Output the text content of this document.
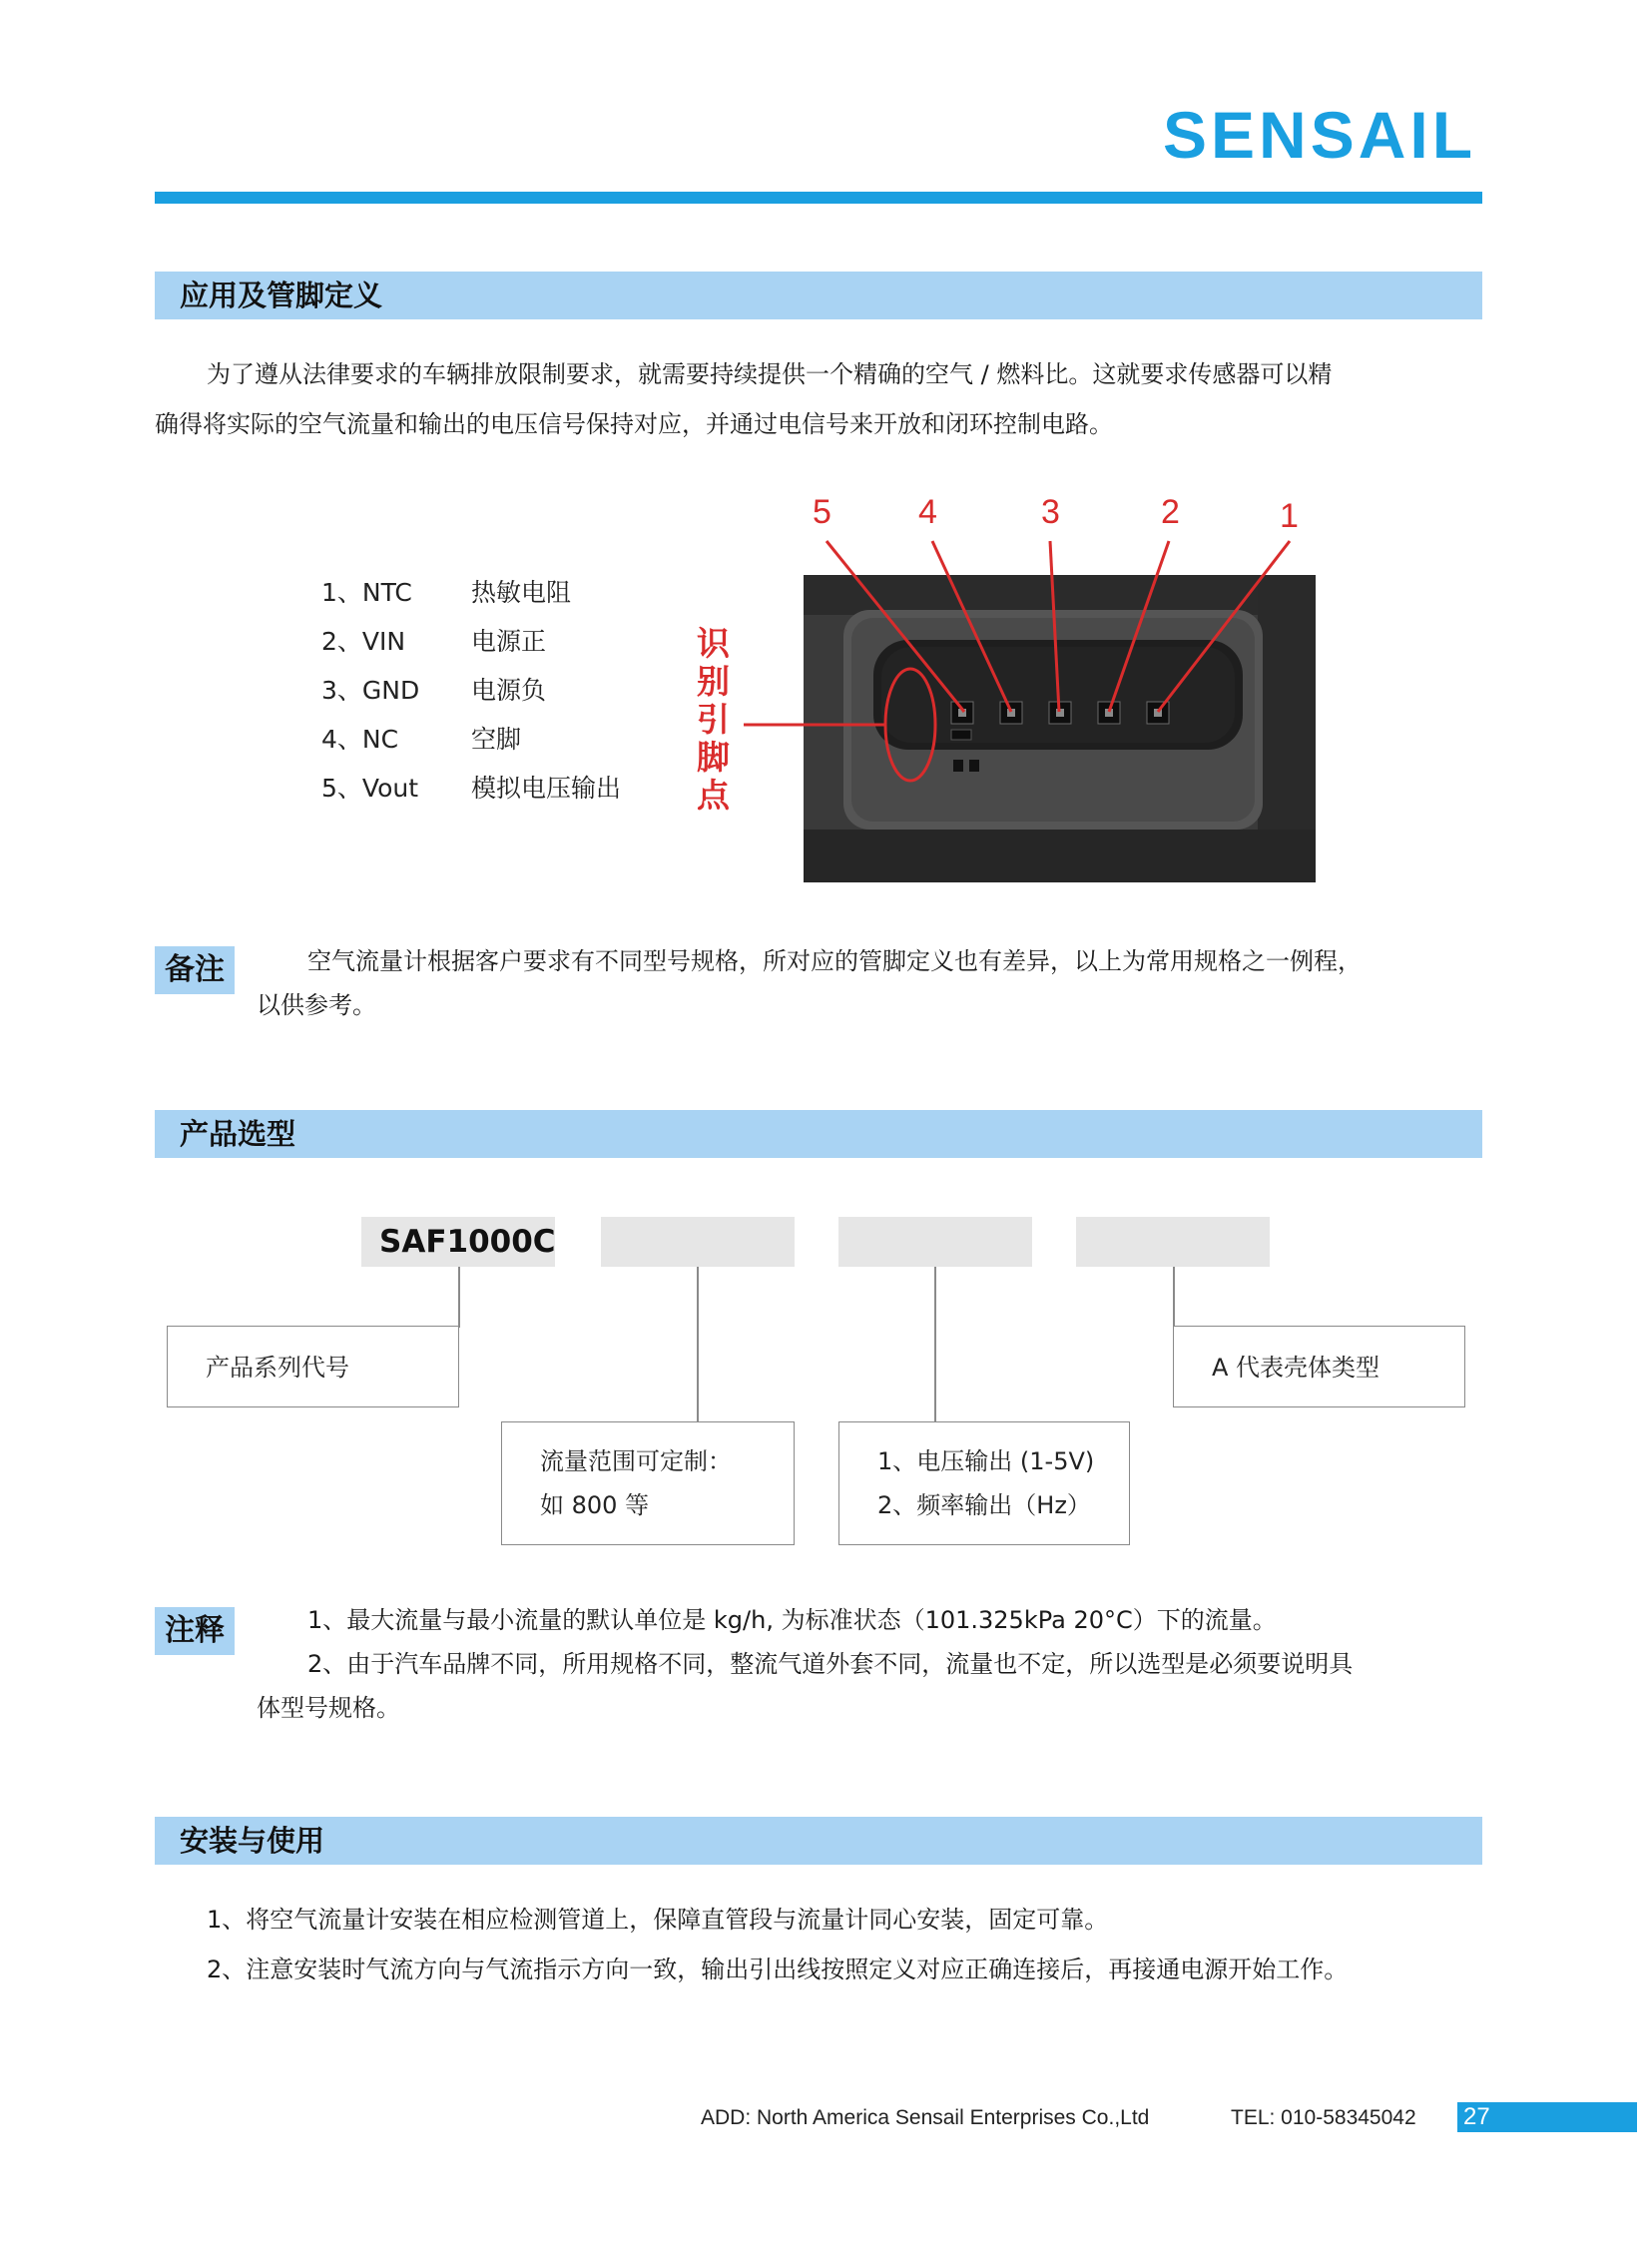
SENSAIL
应用及管脚定义
为了遵从法律要求的车辆排放限制要求，就需要持续提供一个精确的空气 / 燃料比。这就要求传感器可以精
确得将实际的空气流量和输出的电压信号保持对应，并通过电信号来开放和闭环控制电路。
1、NTC 热敏电阻
2、VIN	电源正
3、GND 电源负
4、NC	空脚
5、Vout 模拟电压输出
识
别
引
脚
点
5	4	3	2	1
备注	空气流量计根据客户要求有不同型号规格，所对应的管脚定义也有差异，以上为常用规格之一例程，
以供参考。
产品选型
SAF1000C
产品系列代号	A 代表壳体类型
流量范围可定制：
如 800 等
1、电压输出 (1-5V)
2、频率输出（Hz）
注释	1、最大流量与最小流量的默认单位是 kg/h, 为标准状态（101.325kPa 20°C）下的流量。
2、由于汽车品牌不同，所用规格不同，整流气道外套不同，流量也不定，所以选型是必须要说明具
体型号规格。
安装与使用
1、将空气流量计安装在相应检测管道上，保障直管段与流量计同心安装，固定可靠。
2、注意安装时气流方向与气流指示方向一致，输出引出线按照定义对应正确连接后，再接通电源开始工作。
ADD: North America Sensail Enterprises Co.,Ltd	TEL: 010-58345042 27
